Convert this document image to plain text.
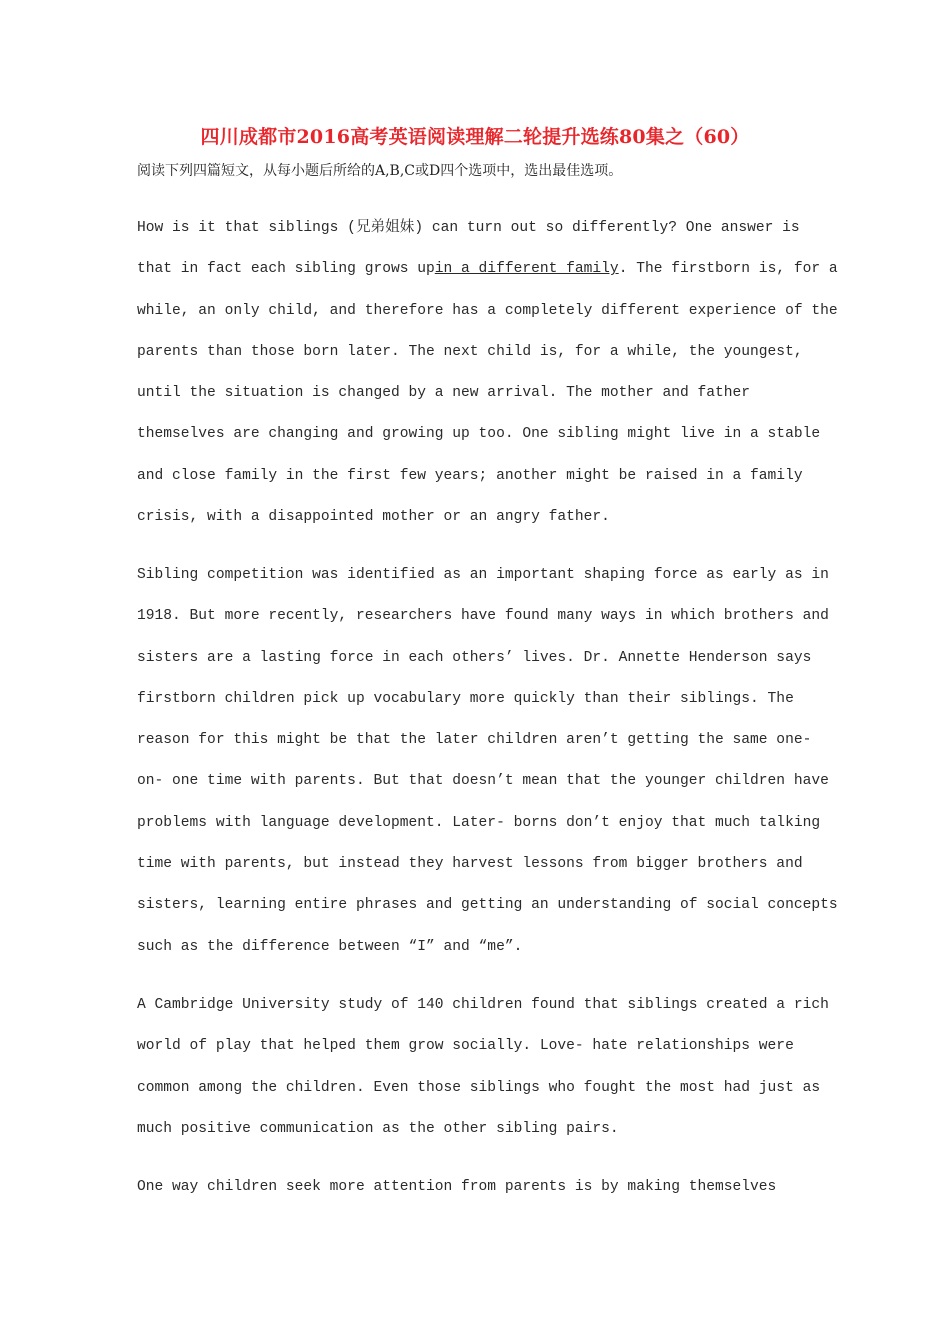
四川成都市2016高考英语阅读理解二轮提升选练80集之（60）
阅读下列四篇短文，从每小题后所给的A,B,C或D四个选项中，选出最佳选项。
How is it that siblings (兄弟姐妹) can turn out so differently? One answer is
that in fact each sibling grows upin a different family. The firstborn is, for a
while, an only child, and therefore has a completely different experience of the
parents than those born later. The next child is, for a while, the youngest,
until the situation is changed by a new arrival. The mother and father
themselves are changing and growing up too. One sibling might live in a stable
and close family in the first few years; another might be raised in a family
crisis, with a disappointed mother or an angry father.
Sibling competition was identified as an important shaping force as early as in
1918. But more recently, researchers have found many ways in which brothers and
sisters are a lasting force in each others’ lives. Dr. Annette Henderson says
firstborn children pick up vocabulary more quickly than their siblings. The
reason for this might be that the later children aren’t getting the same one-
on- one time with parents. But that doesn’t mean that the younger children have
problems with language development. Later- borns don’t enjoy that much talking
time with parents, but instead they harvest lessons from bigger brothers and
sisters, learning entire phrases and getting an understanding of social concepts
such as the difference between “I” and “me”.
A Cambridge University study of 140 children found that siblings created a rich
world of play that helped them grow socially. Love- hate relationships were
common among the children. Even those siblings who fought the most had just as
much positive communication as the other sibling pairs.
One way children seek more attention from parents is by making themselves
